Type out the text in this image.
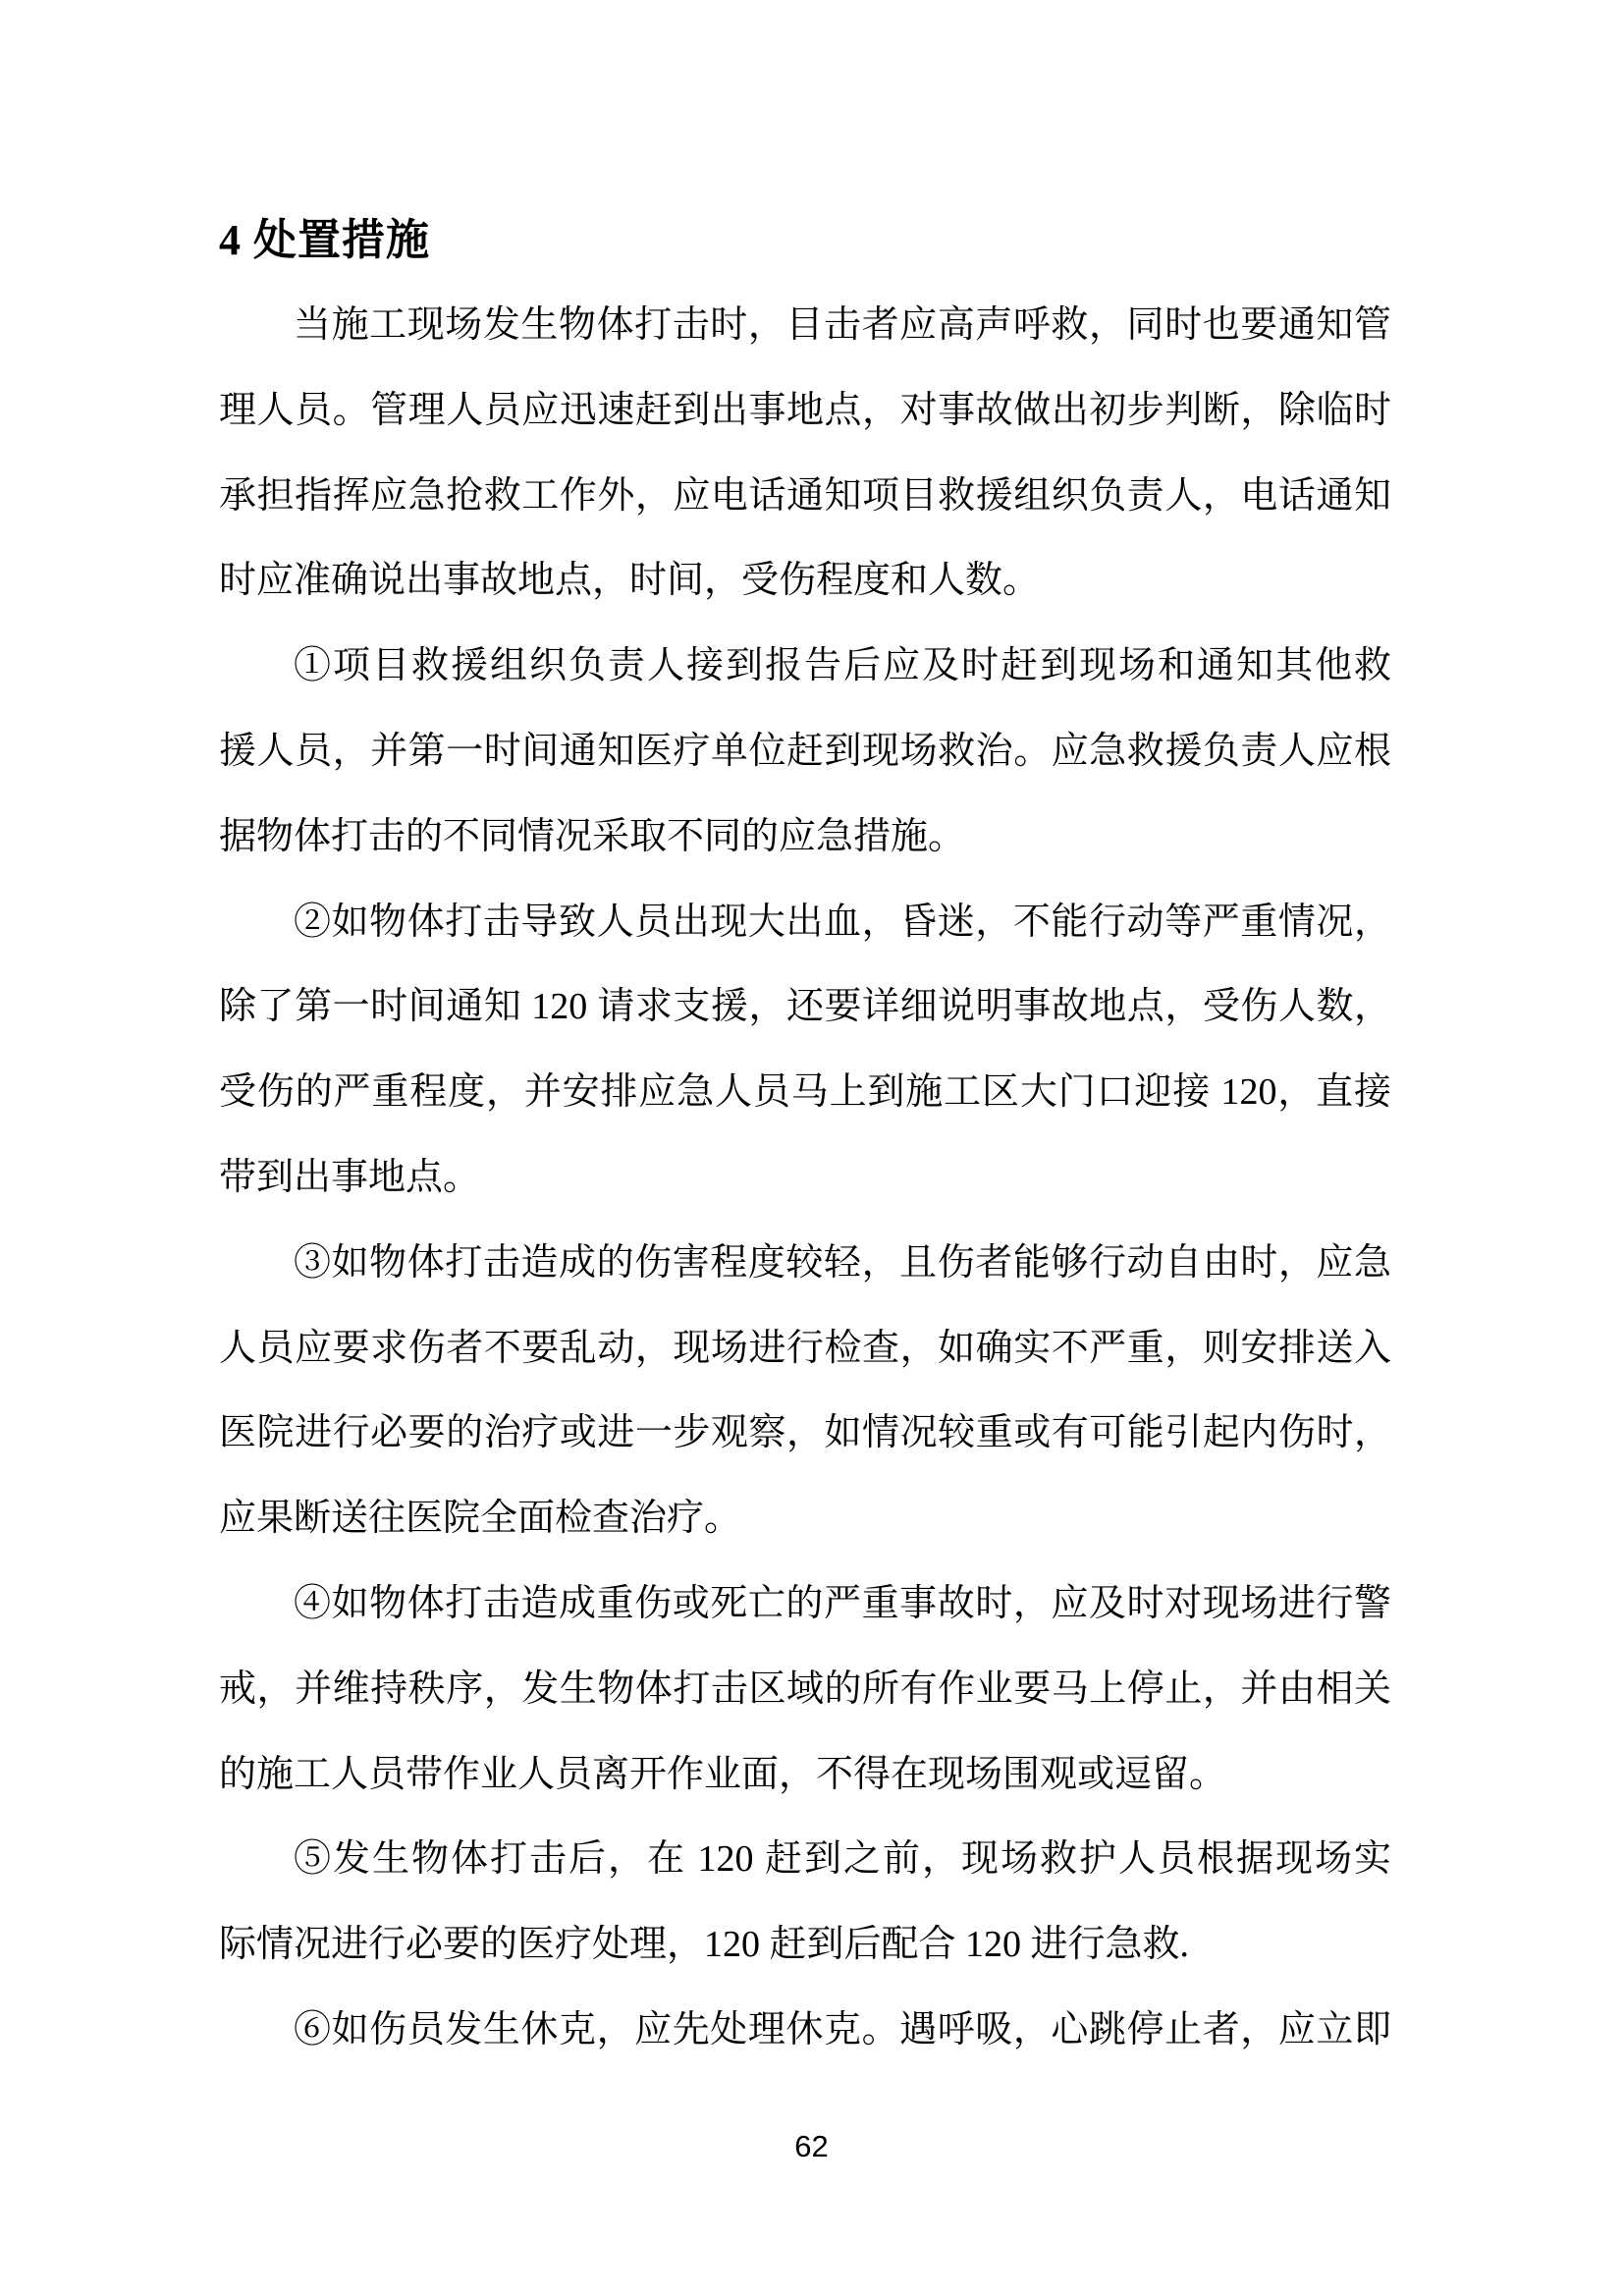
4 处置措施
当施工现场发生物体打击时，目击者应高声呼救，同时也要通知管
理人员。管理人员应迅速赶到出事地点，对事故做出初步判断，除临时
承担指挥应急抢救工作外，应电话通知项目救援组织负责人，电话通知
时应准确说出事故地点，时间，受伤程度和人数。
①项目救援组织负责人接到报告后应及时赶到现场和通知其他救
援人员，并第一时间通知医疗单位赶到现场救治。应急救援负责人应根
据物体打击的不同情况采取不同的应急措施。
②如物体打击导致人员出现大出血，昏迷，不能行动等严重情况，
除了第一时间通知 120 请求支援，还要详细说明事故地点，受伤人数，
受伤的严重程度，并安排应急人员马上到施工区大门口迎接 120，直接
带到出事地点。
③如物体打击造成的伤害程度较轻，且伤者能够行动自由时，应急
人员应要求伤者不要乱动，现场进行检查，如确实不严重，则安排送入
医院进行必要的治疗或进一步观察，如情况较重或有可能引起内伤时，
应果断送往医院全面检查治疗。
④如物体打击造成重伤或死亡的严重事故时，应及时对现场进行警
戒，并维持秩序，发生物体打击区域的所有作业要马上停止，并由相关
的施工人员带作业人员离开作业面，不得在现场围观或逗留。
⑤发生物体打击后，在 120 赶到之前，现场救护人员根据现场实
际情况进行必要的医疗处理，120 赶到后配合 120 进行急救.
⑥如伤员发生休克，应先处理休克。遇呼吸，心跳停止者，应立即
62
